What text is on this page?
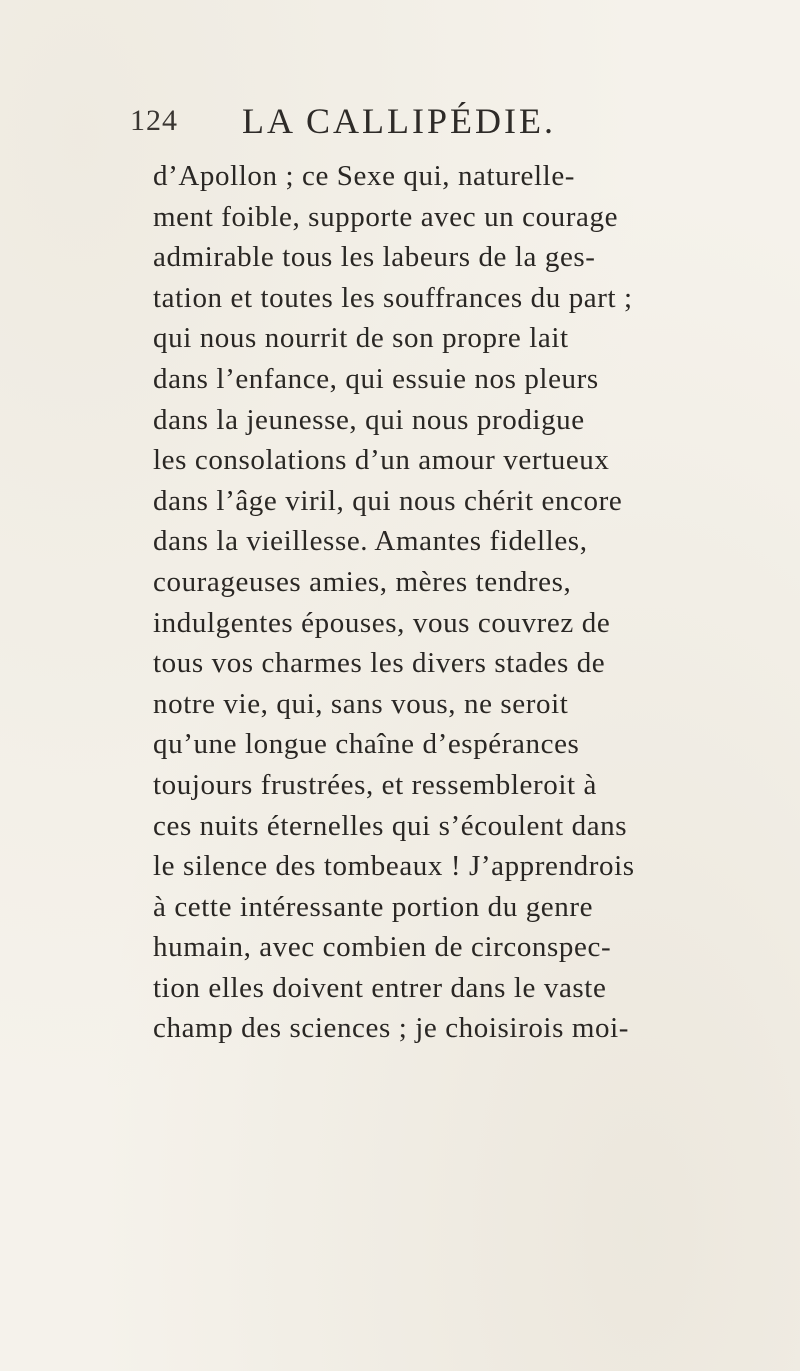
124 LA CALLIPÉDIE.
d’Apollon ; ce Sexe qui, naturelle-
ment foible, supporte avec un courage
admirable tous les labeurs de la ges-
tation et toutes les souffrances du part ;
qui nous nourrit de son propre lait
dans l’enfance, qui essuie nos pleurs
dans la jeunesse, qui nous prodigue
les consolations d’un amour vertueux
dans l’âge viril, qui nous chérit encore
dans la vieillesse. Amantes fidelles,
courageuses amies, mères tendres,
indulgentes épouses, vous couvrez de
tous vos charmes les divers stades de
notre vie, qui, sans vous, ne seroit
qu’une longue chaîne d’espérances
toujours frustrées, et ressembleroit à
ces nuits éternelles qui s’écoulent dans
le silence des tombeaux ! J’apprendrois
à cette intéressante portion du genre
humain, avec combien de circonspec-
tion elles doivent entrer dans le vaste
champ des sciences ; je choisirois moi-
